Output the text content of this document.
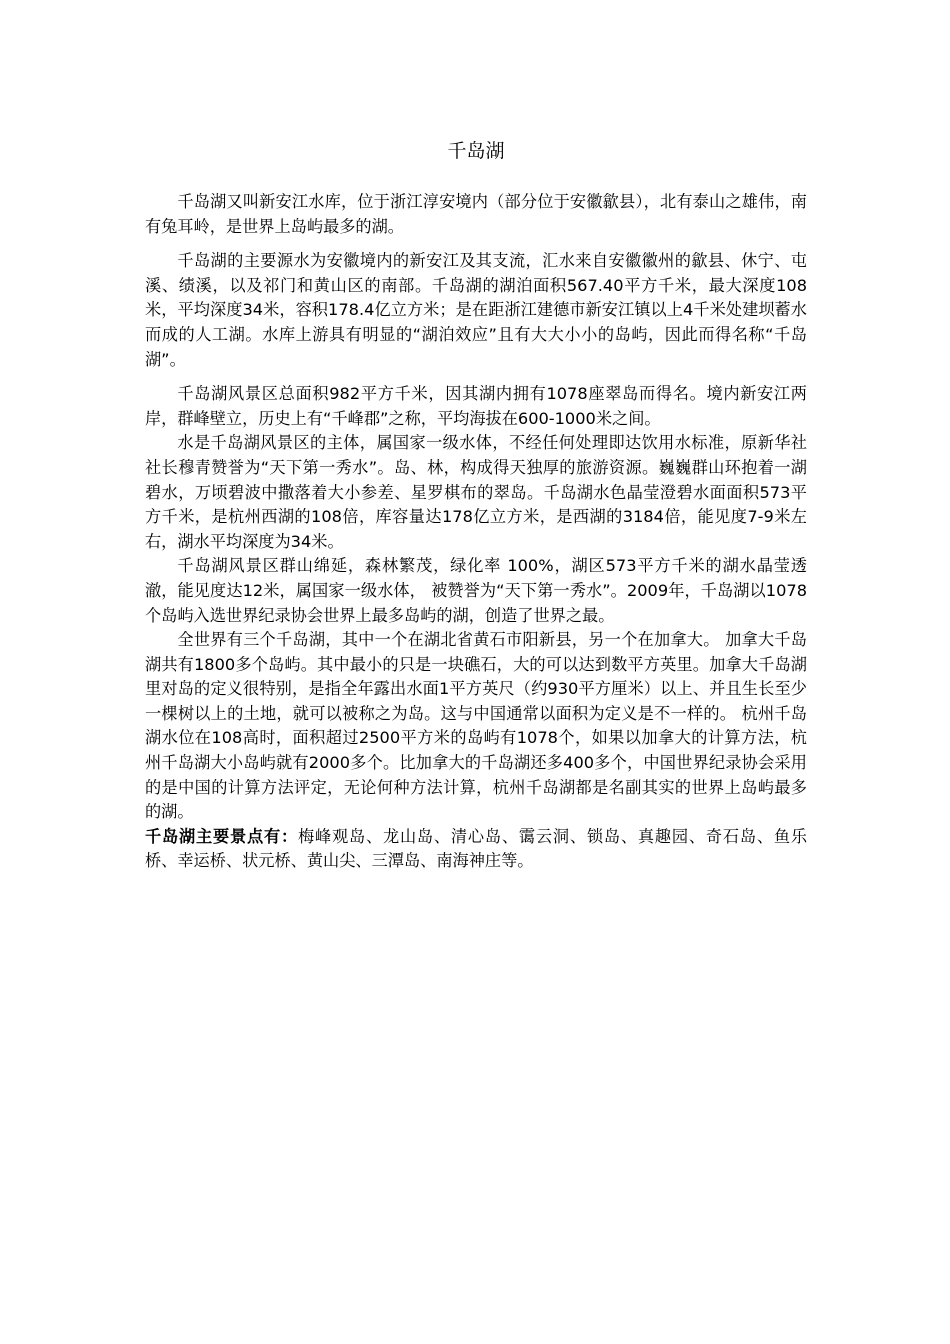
千岛湖

千岛湖又叫新安江水库，位于浙江淳安境内（部分位于安徽歙县），北有泰山之雄伟，南有兔耳岭，是世界上岛屿最多的湖。

千岛湖的主要源水为安徽境内的新安江及其支流，汇水来自安徽徽州的歙县、休宁、屯溪、绩溪，以及祁门和黄山区的南部。千岛湖的湖泊面积567.40平方千米，最大深度108米，平均深度34米，容积178.4亿立方米；是在距浙江建德市新安江镇以上4千米处建坝蓄水而成的人工湖。水库上游具有明显的“湖泊效应”且有大大小小的岛屿，因此而得名称“千岛湖”。

千岛湖风景区总面积982平方千米，因其湖内拥有1078座翠岛而得名。境内新安江两岸，群峰壁立，历史上有“千峰郡”之称，平均海拔在600-1000米之间。

水是千岛湖风景区的主体，属国家一级水体，不经任何处理即达饮用水标准，原新华社社长穆青赞誉为“天下第一秀水”。岛、林，构成得天独厚的旅游资源。巍巍群山环抱着一湖碧水，万顷碧波中撒落着大小参差、星罗棋布的翠岛。千岛湖水色晶莹澄碧水面面积573平方千米，是杭州西湖的108倍，库容量达178亿立方米，是西湖的3184倍，能见度7-9米左右，湖水平均深度为34米。

千岛湖风景区群山绵延，森林繁茂，绿化率 100%，湖区573平方千米的湖水晶莹透澈，能见度达12米，属国家一级水体， 被赞誉为“天下第一秀水”。2009年，千岛湖以1078个岛屿入选世界纪录协会世界上最多岛屿的湖，创造了世界之最。

全世界有三个千岛湖，其中一个在湖北省黄石市阳新县，另一个在加拿大。 加拿大千岛湖共有1800多个岛屿。其中最小的只是一块礁石，大的可以达到数平方英里。加拿大千岛湖里对岛的定义很特别，是指全年露出水面1平方英尺（约930平方厘米）以上、并且生长至少一棵树以上的土地，就可以被称之为岛。这与中国通常以面积为定义是不一样的。 杭州千岛湖水位在108高时，面积超过2500平方米的岛屿有1078个，如果以加拿大的计算方法，杭州千岛湖大小岛屿就有2000多个。比加拿大的千岛湖还多400多个，中国世界纪录协会采用的是中国的计算方法评定，无论何种方法计算，杭州千岛湖都是名副其实的世界上岛屿最多的湖。

千岛湖主要景点有：梅峰观岛、龙山岛、清心岛、霭云洞、锁岛、真趣园、奇石岛、鱼乐桥、幸运桥、状元桥、黄山尖、三潭岛、南海神庄等。
